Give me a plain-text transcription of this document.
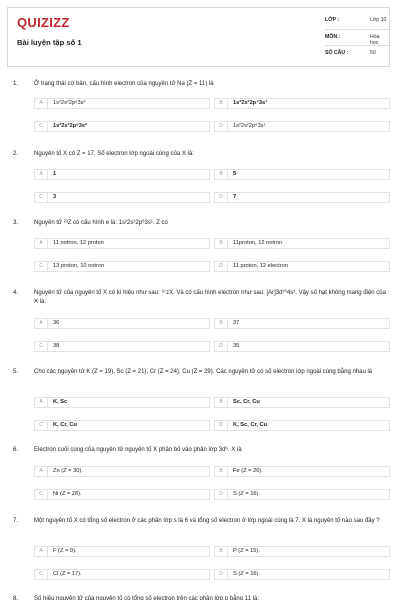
QUIZIZZ
Bài luyện tập số 1
LỚP :	Lớp 10
MÔN :	Hóa học
SỐ CÂU :	50
1.	Ở trạng thái cơ bản, cấu hình electron của nguyên tử Na (Z = 11) là
A	1s²2s²2p⁵3s²	B	1s²2s²2p⁴3s¹
C	1s²2s²2p⁶3s²	D	1s²2s²2p⁶3s¹
2.	Nguyên tố X có Z = 17. Số electron lớp ngoài cùng của X là:
A	1	B	5
C	3	D	7
3.	Nguyên tử ²³Z có cấu hình e là: 1s²2s²2p⁶3s¹. Z có
A	11 notron, 12 proton	B	11proton, 12 notron
C	13 proton, 10 notron	D	11 proton, 12 electron
4.	Nguyên tử của nguyên tố X có kí hiệu như sau: ⁶⁷zX. Và có cấu hình electron như sau: [Ar]3d¹⁰4s². Vậy số hạt không mang điện của X là:
A	36	B	37
C	38	D	35
5.	Cho các nguyên tử K (Z = 19), Sc (Z = 21), Cr (Z = 24), Cu (Z = 29). Các nguyên tử có số electron lớp ngoài cùng bằng nhau là
A	K, Sc	B	Sc, Cr, Cu
C	K, Cr, Cu	D	K, Sc, Cr, Cu
6.	Electron cuối cùng của nguyên tử nguyên tố X phân bố vào phân lớp 3d⁶. X là
A	Zn (Z = 30).	B	Fe (Z = 26).
C	Ni (Z = 28).	D	S (Z = 16).
7.	Một nguyên tố X có tổng số electron ở các phân lớp s là 6 và tổng số electron ở lớp ngoài cùng là 7. X là nguyên tố nào sau đây ?
A	F (Z = 9).	B	P (Z = 15).
C	Cl (Z = 17).	D	S (Z = 16).
8.	Số hiệu nguyên tử của nguyên tố có tổng số electron trên các phân lớp p bằng 11 là:
